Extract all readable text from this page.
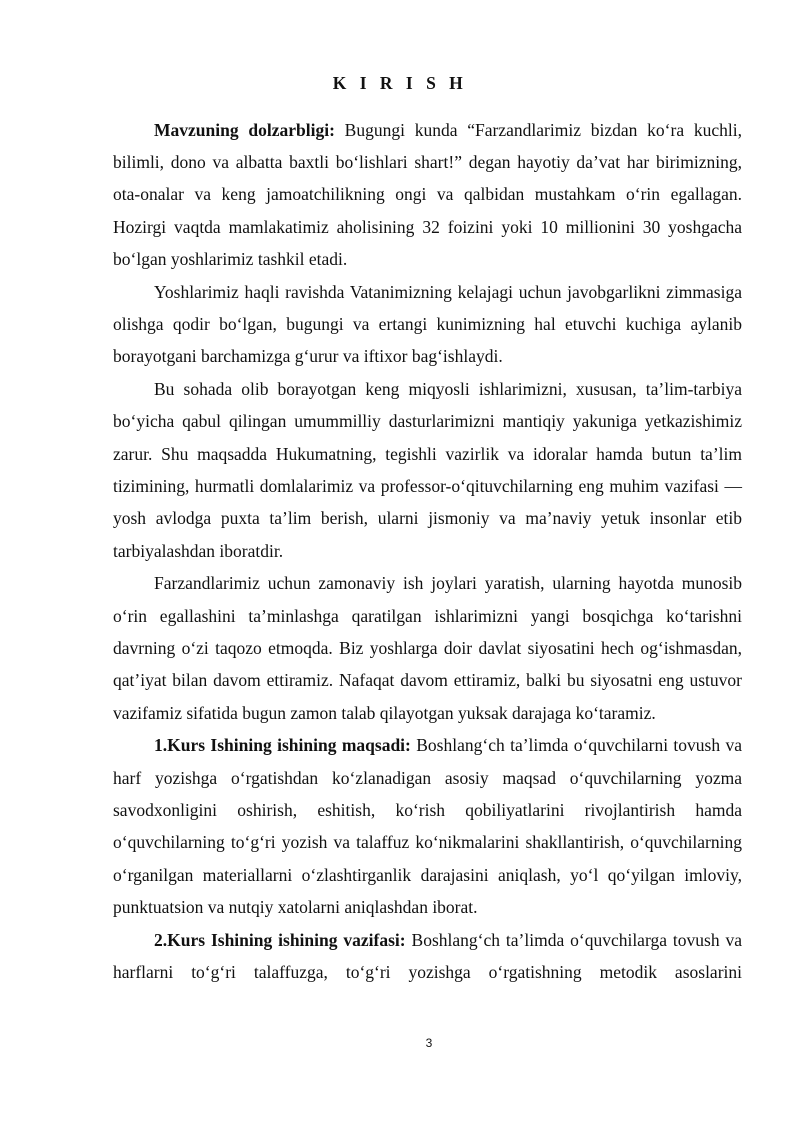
K I R I S H

Mavzuning dolzarbligi: Bugungi kunda “Farzandlarimiz bizdan ko‘ra kuchli, bilimli, dono va albatta baxtli bo‘lishlari shart!” degan hayotiy da’vat har birimizning, ota-onalar va keng jamoatchilikning ongi va qalbidan mustahkam o‘rin egallagan. Hozirgi vaqtda mamlakatimiz aholisining 32 foizini yoki 10 millionini 30 yoshgacha bo‘lgan yoshlarimiz tashkil etadi.

Yoshlarimiz haqli ravishda Vatanimizning kelajagi uchun javobgarlikni zimmasiga olishga qodir bo‘lgan, bugungi va ertangi kunimizning hal etuvchi kuchiga aylanib borayotgani barchamizga g‘urur va iftixor bag‘ishlaydi.

Bu sohada olib borayotgan keng miqyosli ishlarimizni, xususan, ta’lim-tarbiya bo‘yicha qabul qilingan umummilliy dasturlarimizni mantiqiy yakuniga yetkazishimiz zarur. Shu maqsadda Hukumatning, tegishli vazirlik va idoralar hamda butun ta’lim tizimining, hurmatli domlalarimiz va professor-o‘qituvchilarning eng muhim vazifasi — yosh avlodga puxta ta’lim berish, ularni jismoniy va ma’naviy yetuk insonlar etib tarbiyalashdan iboratdir.

Farzandlarimiz uchun zamonaviy ish joylari yaratish, ularning hayotda munosib o‘rin egallashini ta’minlashga qaratilgan ishlarimizni yangi bosqichga ko‘tarishni davrning o‘zi taqozo etmoqda. Biz yoshlarga doir davlat siyosatini hech og‘ishmasdan, qat’iyat bilan davom ettiramiz. Nafaqat davom ettiramiz, balki bu siyosatni eng ustuvor vazifamiz sifatida bugun zamon talab qilayotgan yuksak darajaga ko‘taramiz.

1.Kurs Ishining ishining maqsadi: Boshlang‘ch ta’limda o‘quvchilarni tovush va harf yozishga o‘rgatishdan ko‘zlanadigan asosiy maqsad o‘quvchilarning yozma savodxonligini oshirish, eshitish, ko‘rish qobiliyatlarini rivojlantirish hamda o‘quvchilarning to‘g‘ri yozish va talaffuz ko‘nikmalarini shakllantirish, o‘quvchilarning o‘rganilgan materiallarni o‘zlashtirganlik darajasini aniqlash, yo‘l qo‘yilgan imloviy, punktuatsion va nutqiy xatolarni aniqlashdan iborat.

2.Kurs Ishining ishining vazifasi: Boshlang‘ch ta’limda o‘quvchilarga tovush va harflarni to‘g‘ri talaffuzga, to‘g‘ri yozishga o‘rgatishning metodik asoslarini

3
